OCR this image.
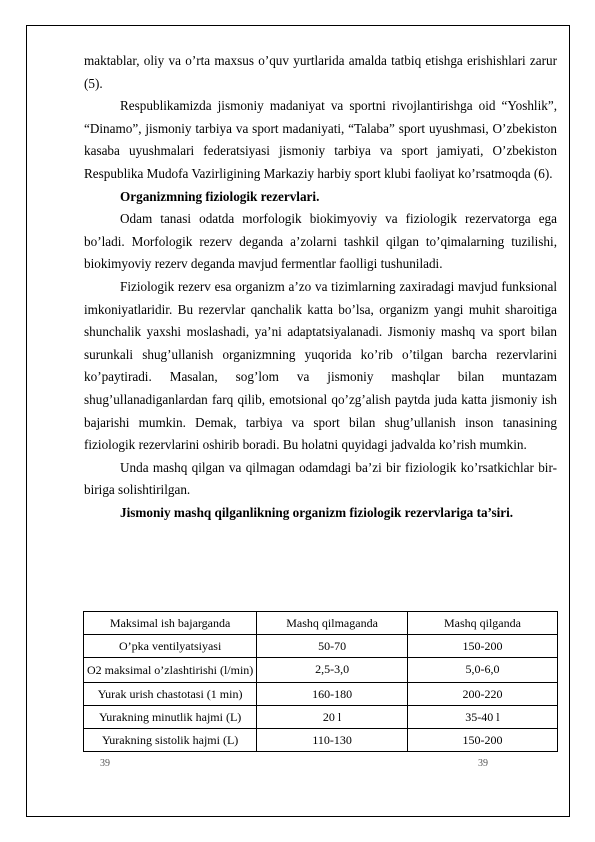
maktablar, oliy va o’rta maxsus o’quv yurtlarida amalda tatbiq etishga erishishlari zarur (5).

Respublikamizda jismoniy madaniyat va sportni rivojlantirishga oid “Yoshlik”, “Dinamo”, jismoniy tarbiya va sport madaniyati, “Talaba” sport uyushmasi, O’zbekiston kasaba uyushmalari federatsiyasi jismoniy tarbiya va sport jamiyati, O’zbekiston Respublika Mudofa Vazirligining Markaziy harbiy sport klubi faoliyat ko’rsatmoqda (6).

Organizmning fiziologik rezervlari.

Odam tanasi odatda morfologik biokimyoviy va fiziologik rezervatorga ega bo’ladi. Morfologik rezerv deganda a’zolarni tashkil qilgan to’qimalarning tuzilishi, biokimyoviy rezerv deganda mavjud fermentlar faolligi tushuniladi.

Fiziologik rezerv esa organizm a’zo va tizimlarning zaxiradagi mavjud funksional imkoniyatlaridir. Bu rezervlar qanchalik katta bo’lsa, organizm yangi muhit sharoitiga shunchalik yaxshi moslashadi, ya’ni adaptatsiyalanadi. Jismoniy mashq va sport bilan surunkali shug’ullanish organizmning yuqorida ko’rib o’tilgan barcha rezervlarini ko’paytiradi. Masalan, sog’lom va jismoniy mashqlar bilan muntazam shug’ullanadiganlardan farq qilib, emotsional qo’zg’alish paytda juda katta jismoniy ish bajarishi mumkin. Demak, tarbiya va sport bilan shug’ullanish inson tanasining fiziologik rezervlarini oshirib boradi. Bu holatni quyidagi jadvalda ko’rish mumkin.

Unda mashq qilgan va qilmagan odamdagi ba’zi bir fiziologik ko’rsatkichlar bir-biriga solishtirilgan.

Jismoniy mashq qilganlikning organizm fiziologik rezervlariga ta’siri.

Maksimal ish bajarganda	Mashq qilmaganda	Mashq qilganda
O’pka ventilyatsiyasi	50-70	150-200
O2 maksimal o’zlashtirishi (l/min)	2,5-3,0	5,0-6,0
Yurak urish chastotasi (1 min)	160-180	200-220
Yurakning minutlik hajmi (L)	20 l	35-40 l
Yurakning sistolik hajmi (L)	110-130	150-200
39	39
